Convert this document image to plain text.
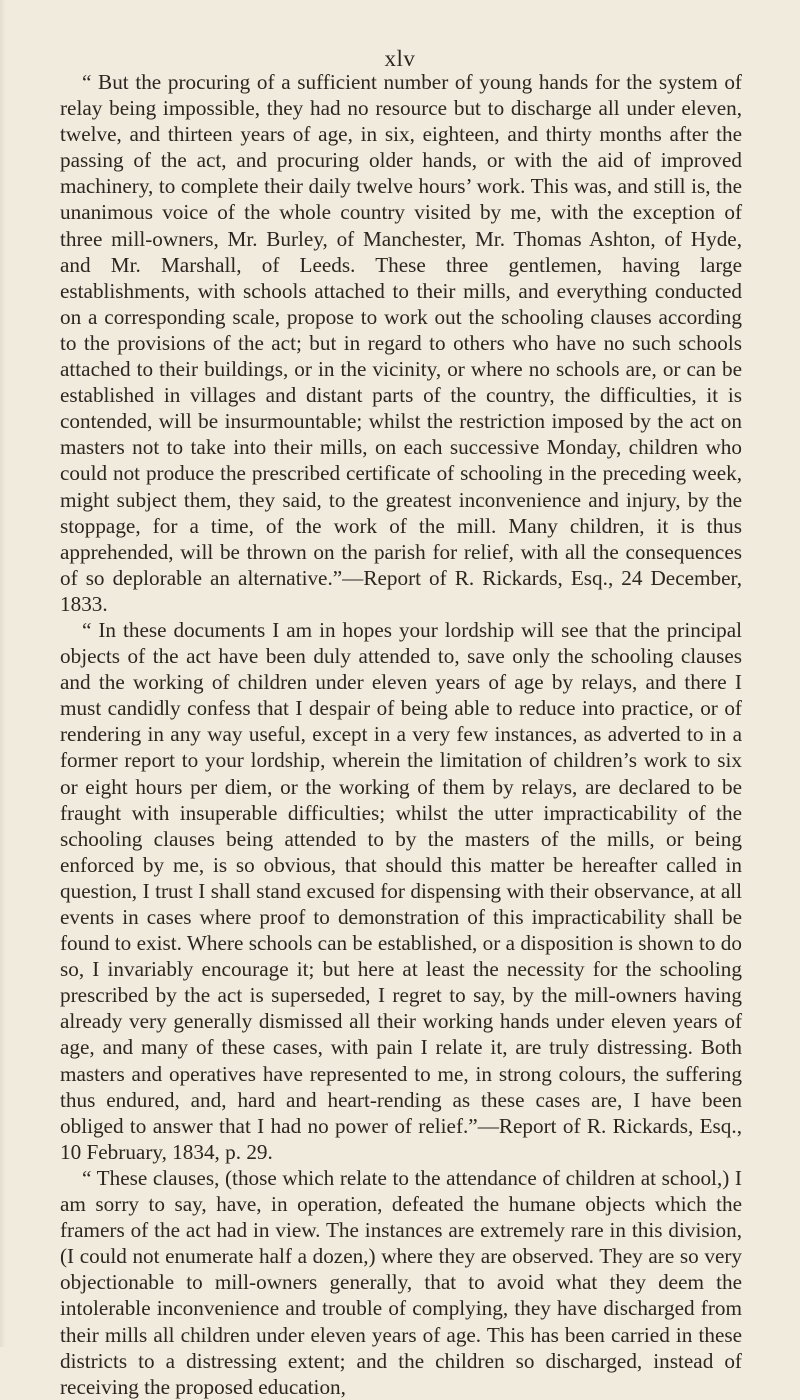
xlv

“ But the procuring of a sufficient number of young hands for the system of relay being impossible, they had no resource but to discharge all under eleven, twelve, and thirteen years of age, in six, eighteen, and thirty months after the passing of the act, and procuring older hands, or with the aid of improved machinery, to complete their daily twelve hours’ work. This was, and still is, the unanimous voice of the whole country visited by me, with the exception of three mill-owners, Mr. Burley, of Manchester, Mr. Thomas Ashton, of Hyde, and Mr. Marshall, of Leeds. These three gentlemen, having large establishments, with schools attached to their mills, and everything conducted on a corresponding scale, propose to work out the schooling clauses according to the provisions of the act; but in regard to others who have no such schools attached to their buildings, or in the vicinity, or where no schools are, or can be established in villages and distant parts of the country, the difficulties, it is contended, will be insurmountable; whilst the restriction imposed by the act on masters not to take into their mills, on each successive Monday, children who could not produce the prescribed certificate of schooling in the preceding week, might subject them, they said, to the greatest inconvenience and injury, by the stoppage, for a time, of the work of the mill. Many children, it is thus apprehended, will be thrown on the parish for relief, with all the consequences of so deplorable an alternative.”—Report of R. Rickards, Esq., 24 December, 1833.

“ In these documents I am in hopes your lordship will see that the principal objects of the act have been duly attended to, save only the schooling clauses and the working of children under eleven years of age by relays, and there I must candidly confess that I despair of being able to reduce into practice, or of rendering in any way useful, except in a very few instances, as adverted to in a former report to your lordship, wherein the limitation of children’s work to six or eight hours per diem, or the working of them by relays, are declared to be fraught with insuperable difficulties; whilst the utter impracticability of the schooling clauses being attended to by the masters of the mills, or being enforced by me, is so obvious, that should this matter be hereafter called in question, I trust I shall stand excused for dispensing with their observance, at all events in cases where proof to demonstration of this impracticability shall be found to exist. Where schools can be established, or a disposition is shown to do so, I invariably encourage it; but here at least the necessity for the schooling prescribed by the act is superseded, I regret to say, by the mill-owners having already very generally dismissed all their working hands under eleven years of age, and many of these cases, with pain I relate it, are truly distressing. Both masters and operatives have represented to me, in strong colours, the suffering thus endured, and, hard and heart-rending as these cases are, I have been obliged to answer that I had no power of relief.”—Report of R. Rickards, Esq., 10 February, 1834, p. 29.

“ These clauses, (those which relate to the attendance of children at school,) I am sorry to say, have, in operation, defeated the humane objects which the framers of the act had in view. The instances are extremely rare in this division, (I could not enumerate half a dozen,) where they are observed. They are so very objectionable to mill-owners generally, that to avoid what they deem the intolerable inconvenience and trouble of complying, they have discharged from their mills all children under eleven years of age. This has been carried in these districts to a distressing extent; and the children so discharged, instead of receiving the proposed education,
